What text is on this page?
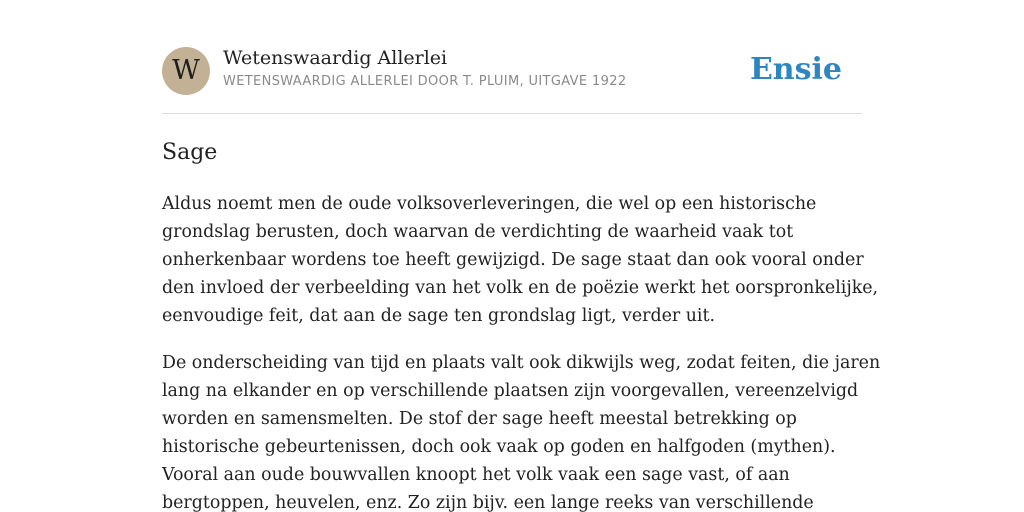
W	Wetenswaardig Allerlei
WETENSWAARDIG ALLERLEI DOOR T. PLUIM, UITGAVE 1922	Ensie
Sage

Aldus noemt men de oude volksoverleveringen, die wel op een historische
grondslag berusten, doch waarvan de verdichting de waarheid vaak tot
onherkenbaar wordens toe heeft gewijzigd. De sage staat dan ook vooral onder
den invloed der verbeelding van het volk en de poëzie werkt het oorspronkelijke,
eenvoudige feit, dat aan de sage ten grondslag ligt, verder uit.

De onderscheiding van tijd en plaats valt ook dikwijls weg, zodat feiten, die jaren
lang na elkander en op verschillende plaatsen zijn voorgevallen, vereenzelvigd
worden en samensmelten. De stof der sage heeft meestal betrekking op
historische gebeurtenissen, doch ook vaak op goden en halfgoden (mythen).
Vooral aan oude bouwvallen knoopt het volk vaak een sage vast, of aan
bergtoppen, heuvelen, enz. Zo zijn bijv. een lange reeks van verschillende
